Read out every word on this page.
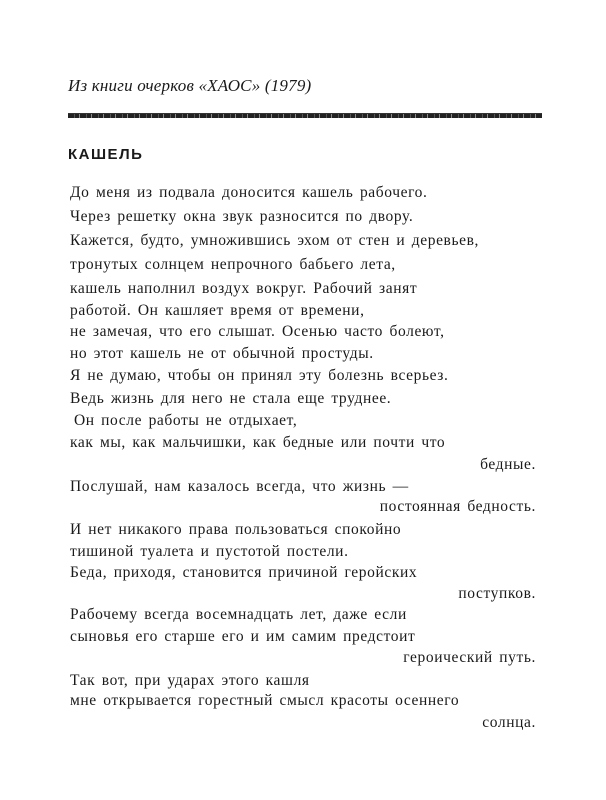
Из книги очерков «ХАОС» (1979)
КАШЕЛЬ
До меня из подвала доносится кашель рабочего.
Через решетку окна звук разносится по двору.
Кажется, будто, умножившись эхом от стен и деревьев,
тронутых солнцем непрочного бабьего лета,
кашель наполнил воздух вокруг. Рабочий занят
работой. Он кашляет время от времени,
не замечая, что его слышат. Осенью часто болеют,
но этот кашель не от обычной простуды.
Я не думаю, чтобы он принял эту болезнь всерьез.
Ведь жизнь для него не стала еще труднее.
Он после работы не отдыхает,
как мы, как мальчишки, как бедные или почти что
бедные.
Послушай, нам казалось всегда, что жизнь —
постоянная бедность.
И нет никакого права пользоваться спокойно
тишиной туалета и пустотой постели.
Беда, приходя, становится причиной геройских
поступков.
Рабочему всегда восемнадцать лет, даже если
сыновья его старше его и им самим предстоит
героический путь.
Так вот, при ударах этого кашля
мне открывается горестный смысл красоты осеннего
солнца.
